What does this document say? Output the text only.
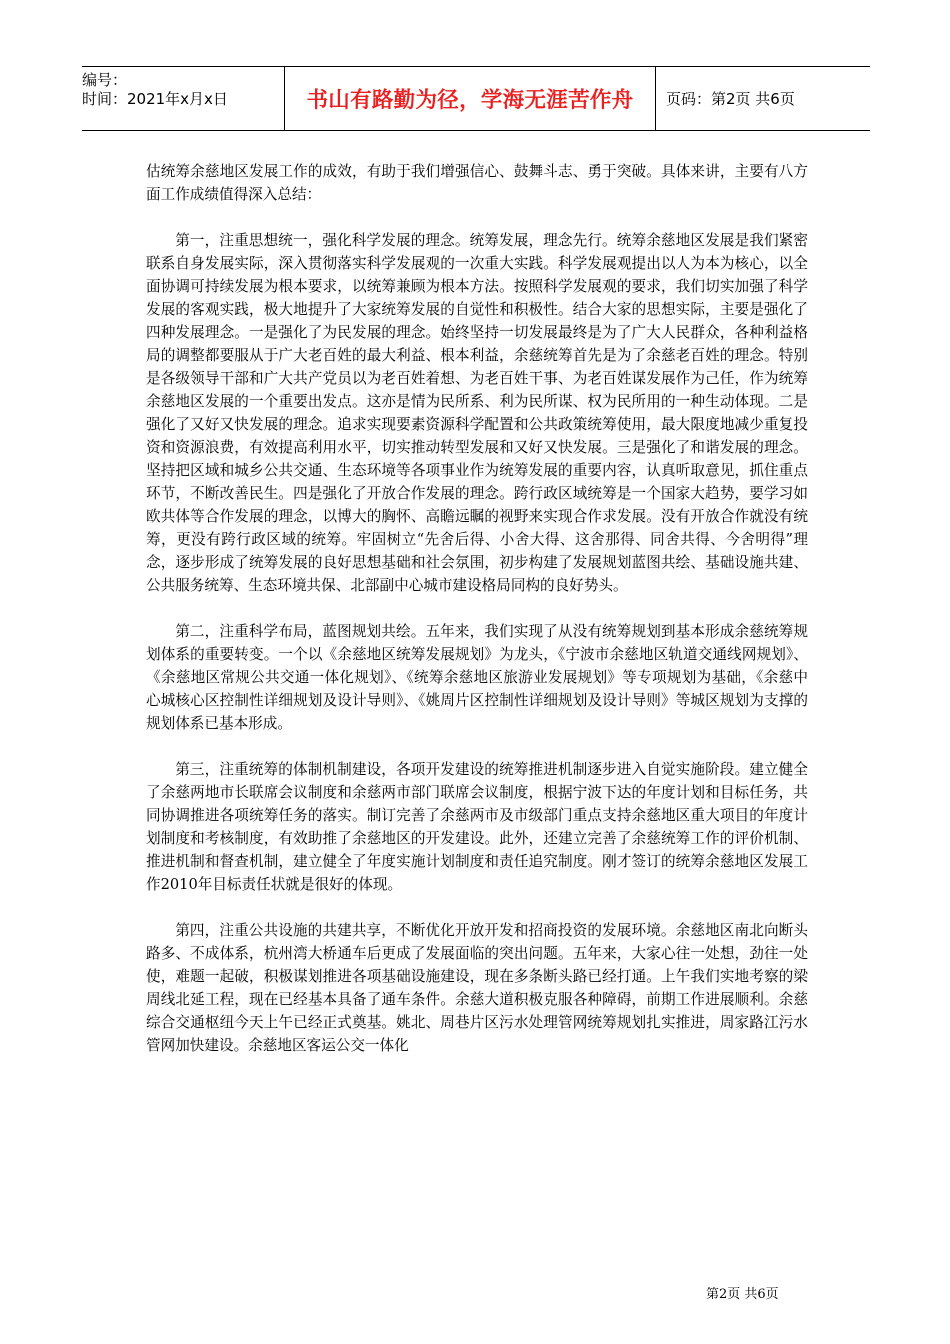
编号：
时间：2021年x月x日	书山有路勤为径，学海无涯苦作舟	页码：第2页 共6页

估统筹余慈地区发展工作的成效，有助于我们增强信心、鼓舞斗志、勇于突破。具体来讲，主要有八方面工作成绩值得深入总结：

第一，注重思想统一，强化科学发展的理念。统筹发展，理念先行。统筹余慈地区发展是我们紧密联系自身发展实际，深入贯彻落实科学发展观的一次重大实践。科学发展观提出以人为本为核心，以全面协调可持续发展为根本要求，以统筹兼顾为根本方法。按照科学发展观的要求，我们切实加强了科学发展的客观实践，极大地提升了大家统筹发展的自觉性和积极性。结合大家的思想实际，主要是强化了四种发展理念。一是强化了为民发展的理念。始终坚持一切发展最终是为了广大人民群众，各种利益格局的调整都要服从于广大老百姓的最大利益、根本利益，余慈统筹首先是为了余慈老百姓的理念。特别是各级领导干部和广大共产党员以为老百姓着想、为老百姓干事、为老百姓谋发展作为己任，作为统筹余慈地区发展的一个重要出发点。这亦是情为民所系、利为民所谋、权为民所用的一种生动体现。二是强化了又好又快发展的理念。追求实现要素资源科学配置和公共政策统筹使用，最大限度地减少重复投资和资源浪费，有效提高利用水平，切实推动转型发展和又好又快发展。三是强化了和谐发展的理念。坚持把区域和城乡公共交通、生态环境等各项事业作为统筹发展的重要内容，认真听取意见，抓住重点环节，不断改善民生。四是强化了开放合作发展的理念。跨行政区域统筹是一个国家大趋势，要学习如欧共体等合作发展的理念，以博大的胸怀、高瞻远瞩的视野来实现合作求发展。没有开放合作就没有统筹，更没有跨行政区域的统筹。牢固树立“先舍后得、小舍大得、这舍那得、同舍共得、今舍明得”理念，逐步形成了统筹发展的良好思想基础和社会氛围，初步构建了发展规划蓝图共绘、基础设施共建、公共服务统筹、生态环境共保、北部副中心城市建设格局同构的良好势头。

第二，注重科学布局，蓝图规划共绘。五年来，我们实现了从没有统筹规划到基本形成余慈统筹规划体系的重要转变。一个以《余慈地区统筹发展规划》为龙头，《宁波市余慈地区轨道交通线网规划》、《余慈地区常规公共交通一体化规划》、《统筹余慈地区旅游业发展规划》等专项规划为基础，《余慈中心城核心区控制性详细规划及设计导则》、《姚周片区控制性详细规划及设计导则》等城区规划为支撑的规划体系已基本形成。

第三，注重统筹的体制机制建设，各项开发建设的统筹推进机制逐步进入自觉实施阶段。建立健全了余慈两地市长联席会议制度和余慈两市部门联席会议制度，根据宁波下达的年度计划和目标任务，共同协调推进各项统筹任务的落实。制订完善了余慈两市及市级部门重点支持余慈地区重大项目的年度计划制度和考核制度，有效助推了余慈地区的开发建设。此外，还建立完善了余慈统筹工作的评价机制、推进机制和督查机制，建立健全了年度实施计划制度和责任追究制度。刚才签订的统筹余慈地区发展工作2010年目标责任状就是很好的体现。

第四，注重公共设施的共建共享，不断优化开放开发和招商投资的发展环境。余慈地区南北向断头路多、不成体系，杭州湾大桥通车后更成了发展面临的突出问题。五年来，大家心往一处想，劲往一处使，难题一起破，积极谋划推进各项基础设施建设，现在多条断头路已经打通。上午我们实地考察的梁周线北延工程，现在已经基本具备了通车条件。余慈大道积极克服各种障碍，前期工作进展顺利。余慈综合交通枢纽今天上午已经正式奠基。姚北、周巷片区污水处理管网统筹规划扎实推进，周家路江污水管网加快建设。余慈地区客运公交一体化

第2页 共6页
